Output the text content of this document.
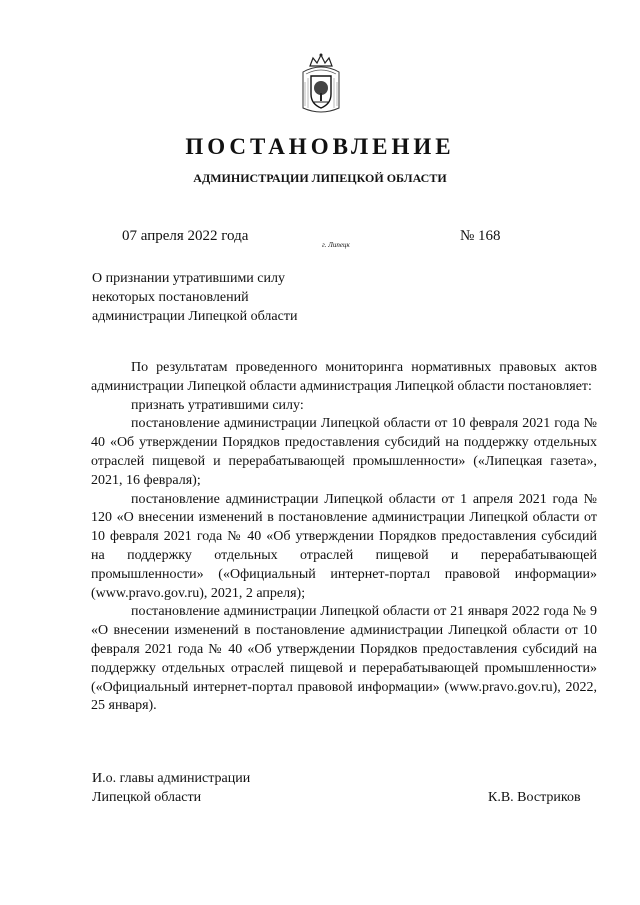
ПОСТАНОВЛЕНИЕ
АДМИНИСТРАЦИИ ЛИПЕЦКОЙ ОБЛАСТИ
07 апреля 2022 года
г. Липецк
№ 168
О признании утратившими силу
некоторых постановлений
администрации Липецкой области

По результатам проведенного мониторинга нормативных правовых актов администрации Липецкой области администрация Липецкой области постановляет:

признать утратившими силу:

постановление администрации Липецкой области от 10 февраля 2021 года № 40 «Об утверждении Порядков предоставления субсидий на поддержку отдельных отраслей пищевой и перерабатывающей промышленности» («Липецкая газета», 2021, 16 февраля);

постановление администрации Липецкой области от 1 апреля 2021 года № 120 «О внесении изменений в постановление администрации Липецкой области от 10 февраля 2021 года № 40 «Об утверждении Порядков предоставления субсидий на поддержку отдельных отраслей пищевой и перерабатывающей промышленности» («Официальный интернет-портал правовой информации» (www.pravo.gov.ru), 2021, 2 апреля);

постановление администрации Липецкой области от 21 января 2022 года № 9 «О внесении изменений в постановление администрации Липецкой области от 10 февраля 2021 года № 40 «Об утверждении Порядков предоставления субсидий на поддержку отдельных отраслей пищевой и перерабатывающей промышленности» («Официальный интернет-портал правовой информации» (www.pravo.gov.ru), 2022, 25 января).

И.о. главы администрации
Липецкой области	К.В. Востриков
